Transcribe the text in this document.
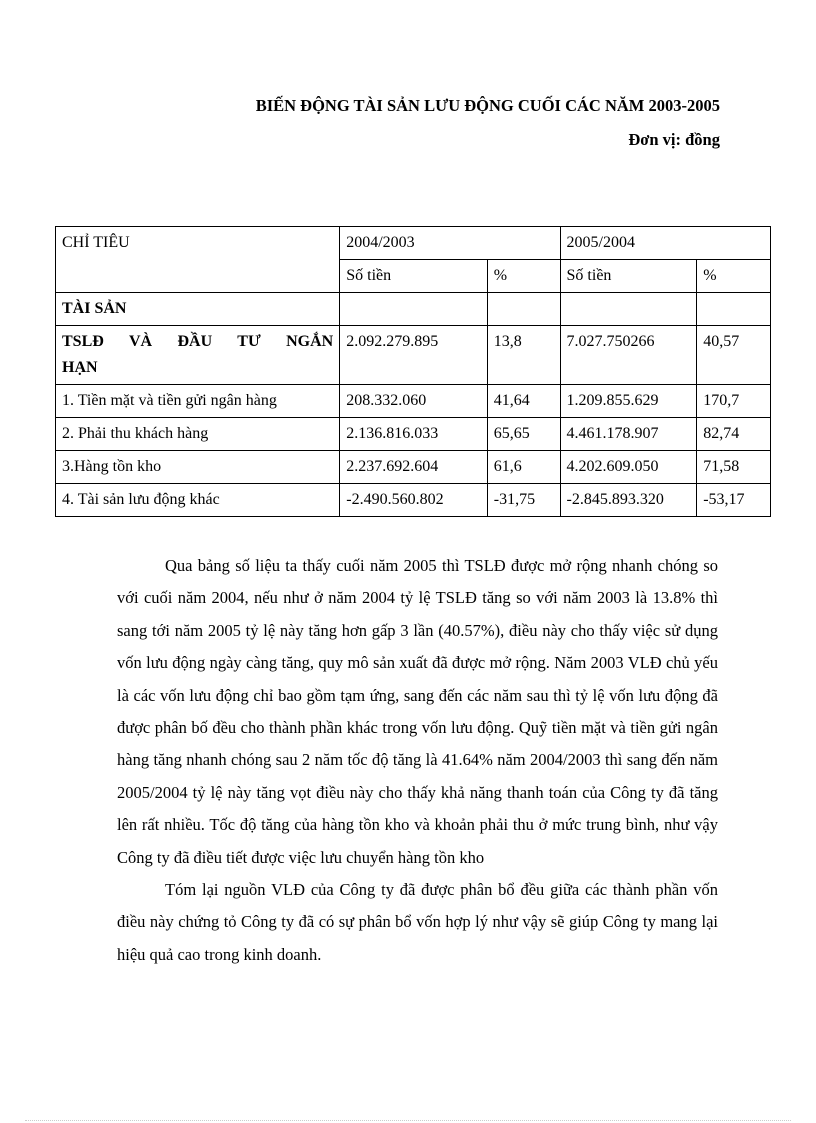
BIẾN ĐỘNG TÀI SẢN LƯU ĐỘNG CUỐI CÁC NĂM 2003-2005
Đơn vị: đồng
CHỈ TIÊU	2004/2003		2005/2004	
	Số tiền	%	Số tiền	%
TÀI SẢN				

TSLĐ VÀ ĐẦU TƯ NGẮN
HẠN	2.092.279.895	13,8	7.027.750266	40,57
1. Tiền mặt và tiền gửi ngân hàng	208.332.060	41,64	1.209.855.629	170,7
2. Phải thu khách hàng	2.136.816.033	65,65	4.461.178.907	82,74
3.Hàng tồn kho	2.237.692.604	61,6	4.202.609.050	71,58
4. Tài sản lưu động khác	-2.490.560.802	-31,75	-2.845.893.320	-53,17

Qua bảng số liệu ta thấy cuối năm 2005 thì TSLĐ được mở rộng nhanh chóng so với cuối năm 2004, nếu như ở năm 2004 tỷ lệ TSLĐ tăng so với năm 2003 là 13.8% thì sang tới năm 2005 tỷ lệ này tăng hơn gấp 3 lần (40.57%), điều này cho thấy việc sử dụng vốn lưu động ngày càng tăng, quy mô sản xuất đã được mở rộng. Năm 2003 VLĐ chủ yếu là các vốn lưu động chỉ bao gồm tạm ứng, sang đến các năm sau thì tỷ lệ vốn lưu động đã được phân bố đều cho thành phần khác trong vốn lưu động. Quỹ tiền mặt và tiền gửi ngân hàng tăng nhanh chóng sau 2 năm tốc độ tăng là 41.64% năm 2004/2003 thì sang đến năm 2005/2004 tỷ lệ này tăng vọt điều này cho thấy khả năng thanh toán của Công ty đã tăng lên rất nhiều. Tốc độ tăng của hàng tồn kho và khoản phải thu ở mức trung bình, như vậy Công ty đã điều tiết được việc lưu chuyển hàng tồn kho

Tóm lại nguồn VLĐ của Công ty đã được phân bổ đều giữa các thành phần vốn điều này chứng tỏ Công ty đã có sự phân bổ vốn hợp lý như vậy sẽ giúp Công ty mang lại hiệu quả cao trong kinh doanh.
